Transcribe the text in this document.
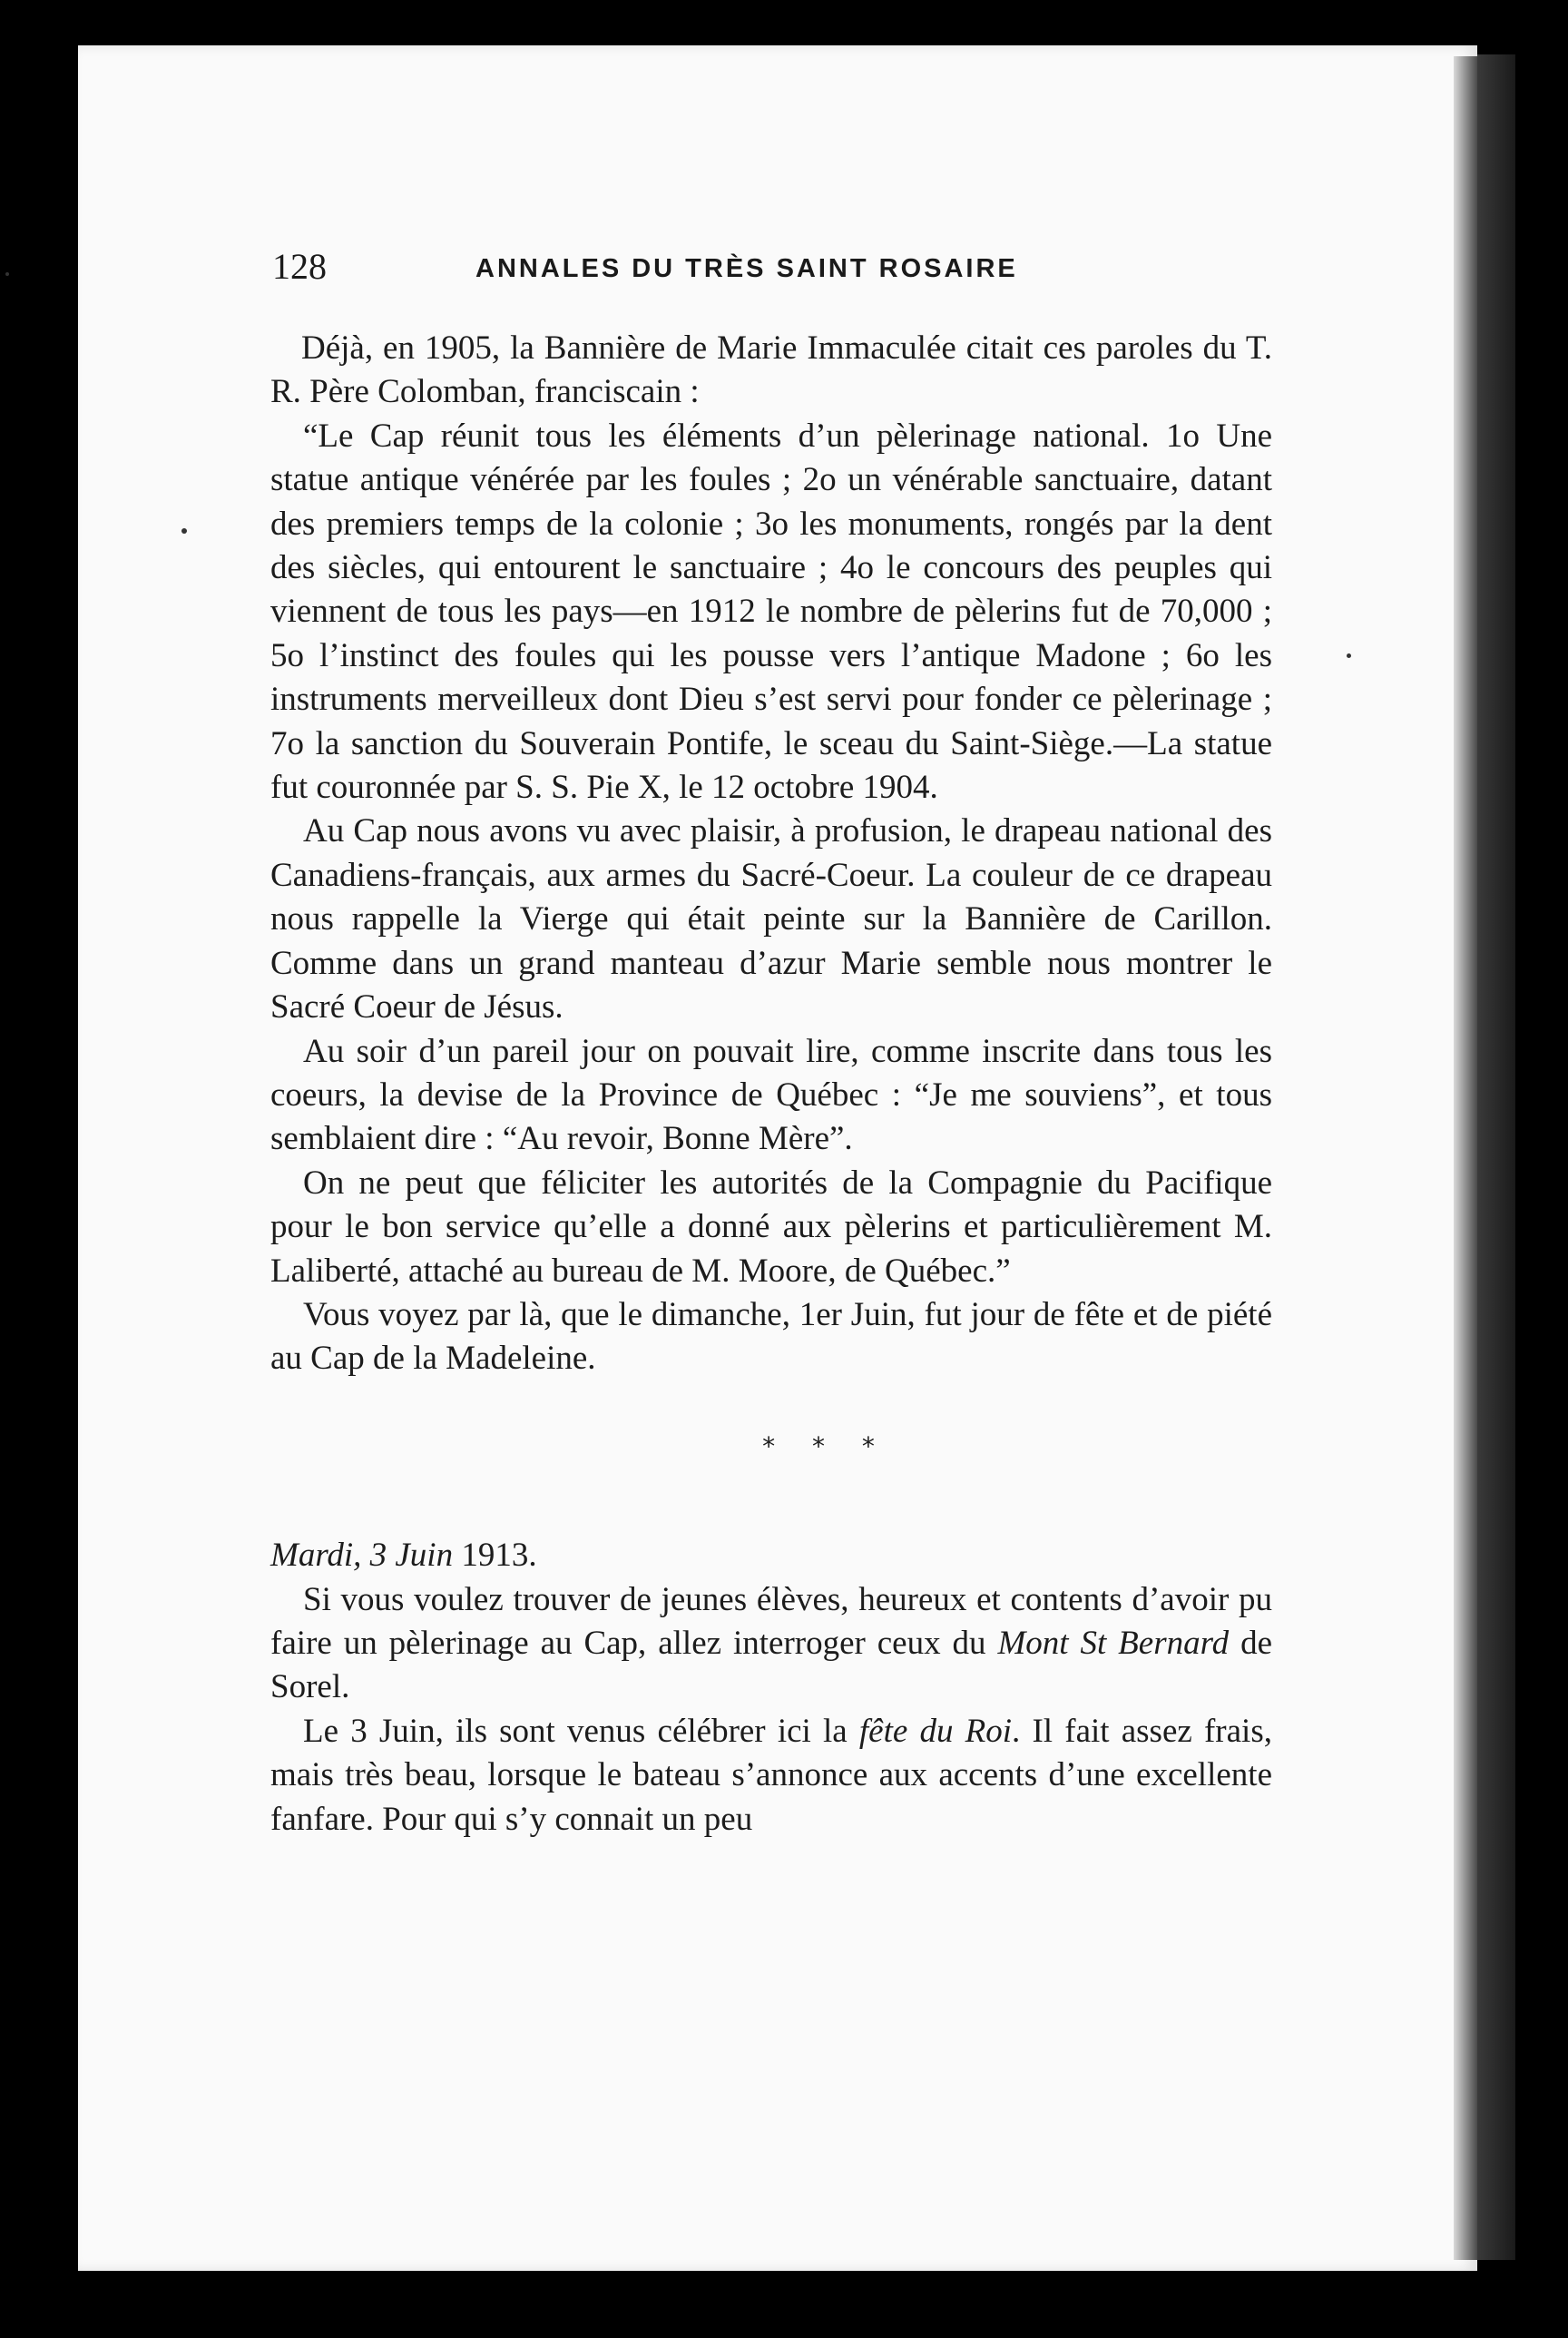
128	ANNALES DU TRÈS SAINT ROSAIRE

Déjà, en 1905, la Bannière de Marie Immaculée citait ces paroles du T. R. Père Colomban, franciscain :

“Le Cap réunit tous les éléments d’un pèlerinage national. 1o Une statue antique vénérée par les foules ; 2o un vénérable sanctuaire, datant des premiers temps de la colonie ; 3o les monuments, rongés par la dent des siècles, qui entourent le sanctuaire ; 4o le concours des peuples qui viennent de tous les pays—en 1912 le nombre de pèlerins fut de 70,000 ; 5o l’instinct des foules qui les pousse vers l’antique Madone ; 6o les instruments merveilleux dont Dieu s’est servi pour fonder ce pèlerinage ; 7o la sanction du Souverain Pontife, le sceau du Saint-Siège.—La statue fut couronnée par S. S. Pie X, le 12 octobre 1904.

Au Cap nous avons vu avec plaisir, à profusion, le drapeau national des Canadiens-français, aux armes du Sacré-Coeur. La couleur de ce drapeau nous rappelle la Vierge qui était peinte sur la Bannière de Carillon. Comme dans un grand manteau d’azur Marie semble nous montrer le Sacré Coeur de Jésus.

Au soir d’un pareil jour on pouvait lire, comme inscrite dans tous les coeurs, la devise de la Province de Québec : “Je me souviens”, et tous semblaient dire : “Au revoir, Bonne Mère”.

On ne peut que féliciter les autorités de la Compagnie du Pacifique pour le bon service qu’elle a donné aux pèlerins et particulièrement M. Laliberté, attaché au bureau de M. Moore, de Québec.”

Vous voyez par là, que le dimanche, 1er Juin, fut jour de fête et de piété au Cap de la Madeleine.

* * *

Mardi, 3 Juin 1913.

Si vous voulez trouver de jeunes élèves, heureux et contents d’avoir pu faire un pèlerinage au Cap, allez interroger ceux du Mont St Bernard de Sorel.

Le 3 Juin, ils sont venus célébrer ici la fête du Roi. Il fait assez frais, mais très beau, lorsque le bateau s’annonce aux accents d’une excellente fanfare. Pour qui s’y connait un peu
